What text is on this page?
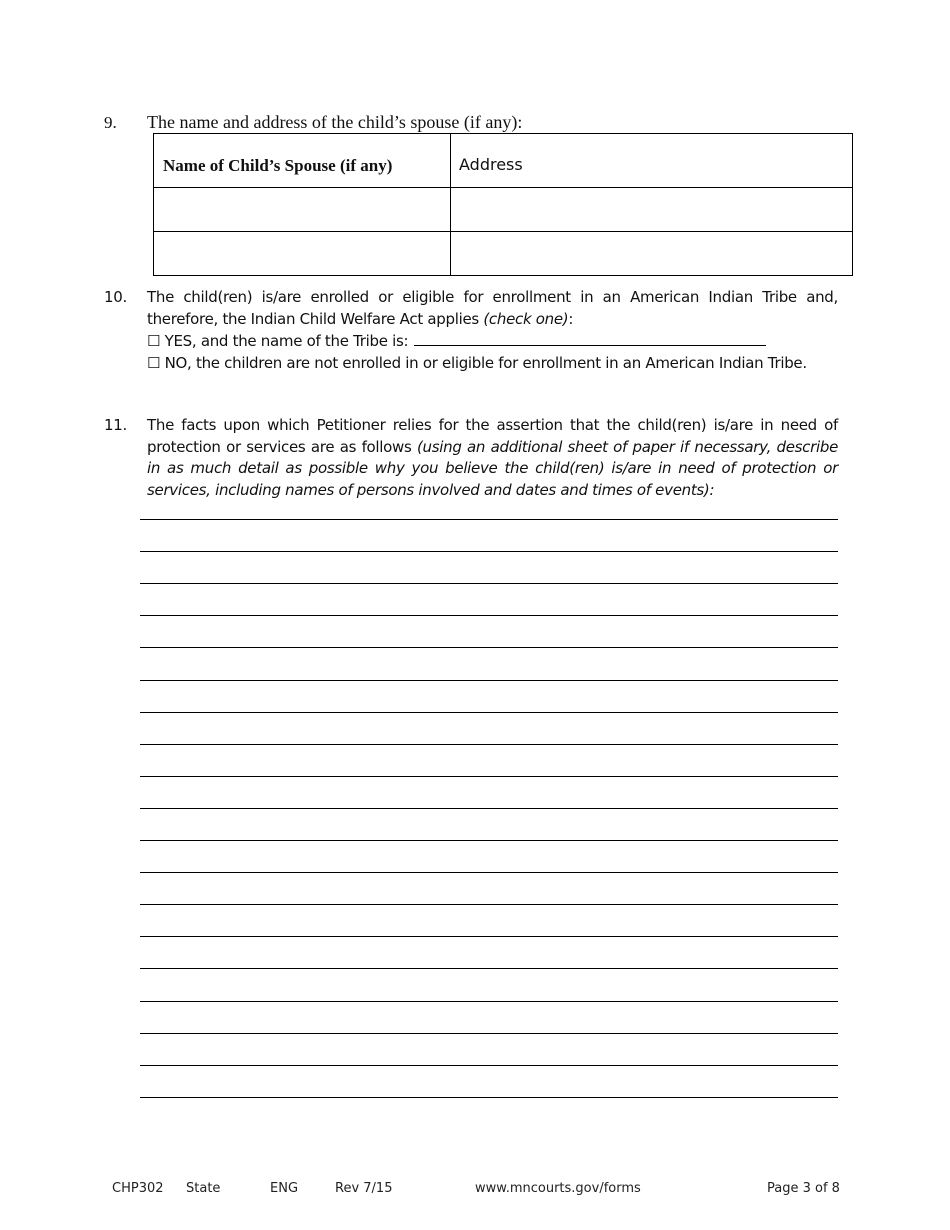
9. The name and address of the child’s spouse (if any):
Name of Child’s Spouse (if any)	Address

10. The child(ren) is/are enrolled or eligible for enrollment in an American Indian Tribe and, therefore, the Indian Child Welfare Act applies (check one):
☐ YES, and the name of the Tribe is:
☐ NO, the children are not enrolled in or eligible for enrollment in an American Indian Tribe.
11. The facts upon which Petitioner relies for the assertion that the child(ren) is/are in need of protection or services are as follows (using an additional sheet of paper if necessary, describe in as much detail as possible why you believe the child(ren) is/are in need of protection or services, including names of persons involved and dates and times of events):
CHP302 State	ENG	Rev 7/15	www.mncourts.gov/forms	Page 3 of 8
